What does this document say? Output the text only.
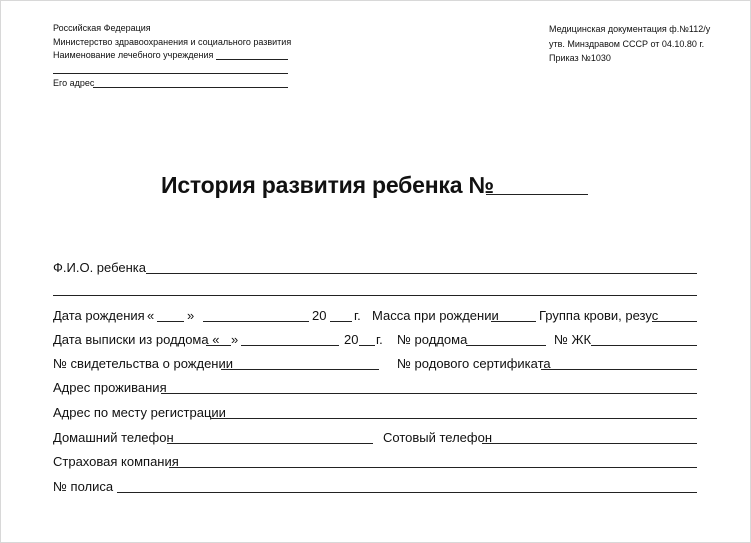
Российская Федерация
Министерство здравоохранения и социального развития
Наименование лечебного учреждения
Его адрес
Медицинская документация ф.№112/у
утв. Минздравом СССР от 04.10.80 г.
Приказ №1030
История развития ребенка №
Ф.И.О. ребенка
Дата рождения «	»	20 г. Масса при рождении	Группа крови, резус
Дата выписки из роддома « »	20 г. № роддома	№ ЖК
№ свидетельства о рождении	№ родового сертификата
Адрес проживания
Адрес по месту регистрации
Домашний телефон	Сотовый телефон
Страховая компания
№ полиса
